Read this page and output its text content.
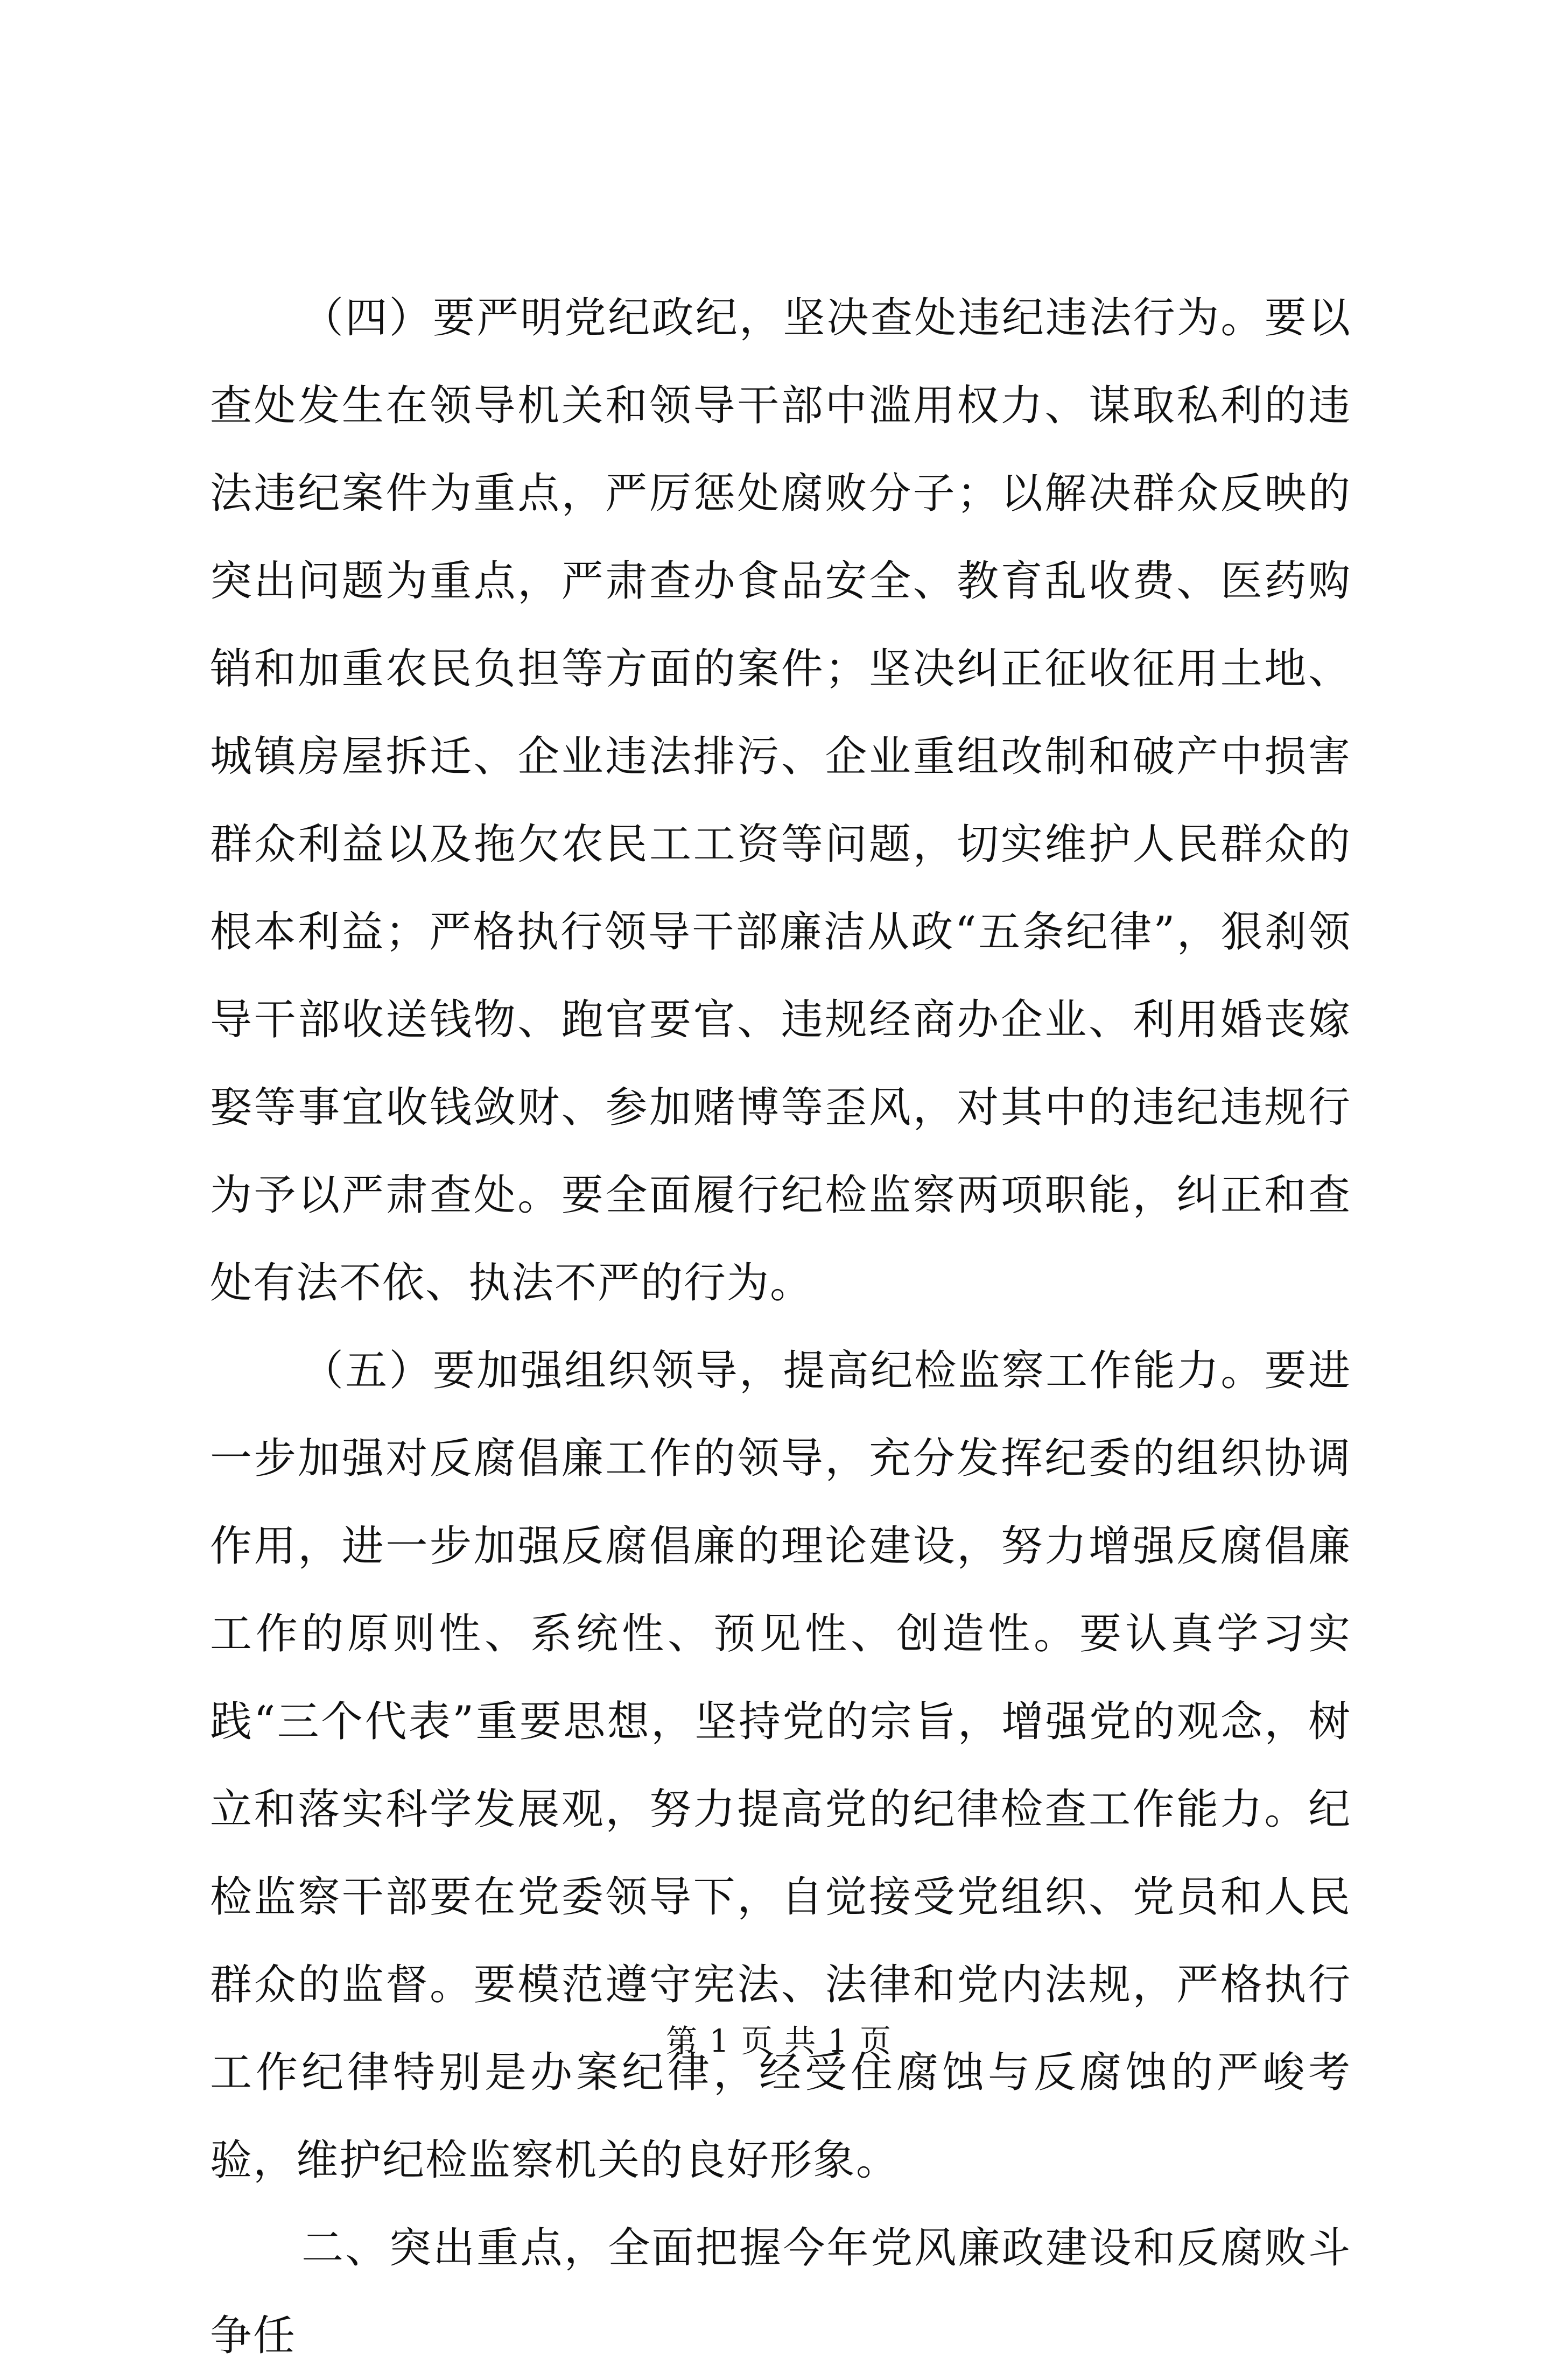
（四）要严明党纪政纪，坚决查处违纪违法行为。要以查处发生在领导机关和领导干部中滥用权力、谋取私利的违法违纪案件为重点，严厉惩处腐败分子；以解决群众反映的突出问题为重点，严肃查办食品安全、教育乱收费、医药购销和加重农民负担等方面的案件；坚决纠正征收征用土地、城镇房屋拆迁、企业违法排污、企业重组改制和破产中损害群众利益以及拖欠农民工工资等问题，切实维护人民群众的根本利益；严格执行领导干部廉洁从政“五条纪律”，狠刹领导干部收送钱物、跑官要官、违规经商办企业、利用婚丧嫁娶等事宜收钱敛财、参加赌博等歪风，对其中的违纪违规行为予以严肃查处。要全面履行纪检监察两项职能，纠正和查处有法不依、执法不严的行为。

（五）要加强组织领导，提高纪检监察工作能力。要进一步加强对反腐倡廉工作的领导，充分发挥纪委的组织协调作用，进一步加强反腐倡廉的理论建设，努力增强反腐倡廉工作的原则性、系统性、预见性、创造性。要认真学习实践“三个代表”重要思想，坚持党的宗旨，增强党的观念，树立和落实科学发展观，努力提高党的纪律检查工作能力。纪检监察干部要在党委领导下，自觉接受党组织、党员和人民群众的监督。要模范遵守宪法、法律和党内法规，严格执行工作纪律特别是办案纪律，经受住腐蚀与反腐蚀的严峻考验，维护纪检监察机关的良好形象。

二、突出重点，全面把握今年党风廉政建设和反腐败斗争任

第 1 页 共 1 页
